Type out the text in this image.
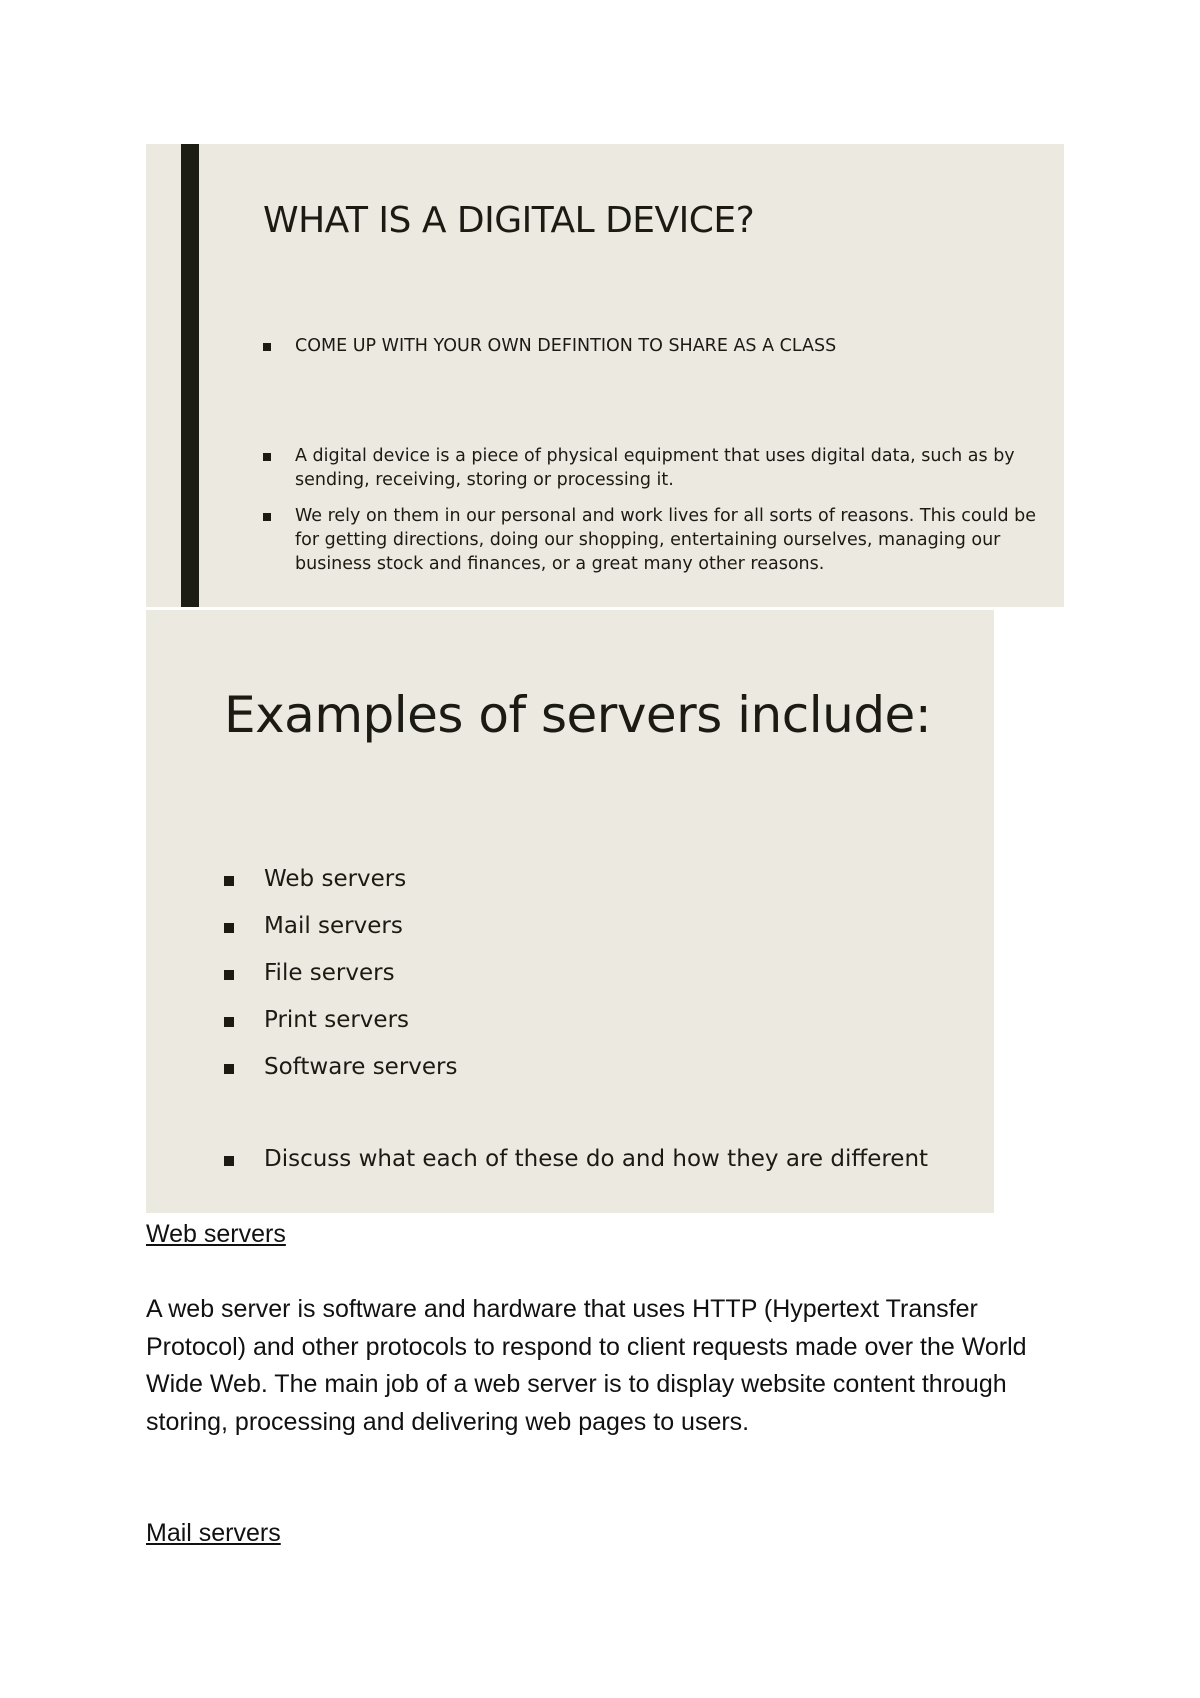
WHAT IS A DIGITAL DEVICE?
COME UP WITH YOUR OWN DEFINTION TO SHARE AS A CLASS
A digital device is a piece of physical equipment that uses digital data, such as by sending, receiving, storing or processing it.
We rely on them in our personal and work lives for all sorts of reasons. This could be for getting directions, doing our shopping, entertaining ourselves, managing our business stock and finances, or a great many other reasons.
Examples of servers include:
Web servers
Mail servers
File servers
Print servers
Software servers
Discuss what each of these do and how they are different
Web servers
A web server is software and hardware that uses HTTP (Hypertext Transfer Protocol) and other protocols to respond to client requests made over the World Wide Web. The main job of a web server is to display website content through storing, processing and delivering web pages to users.
Mail servers
